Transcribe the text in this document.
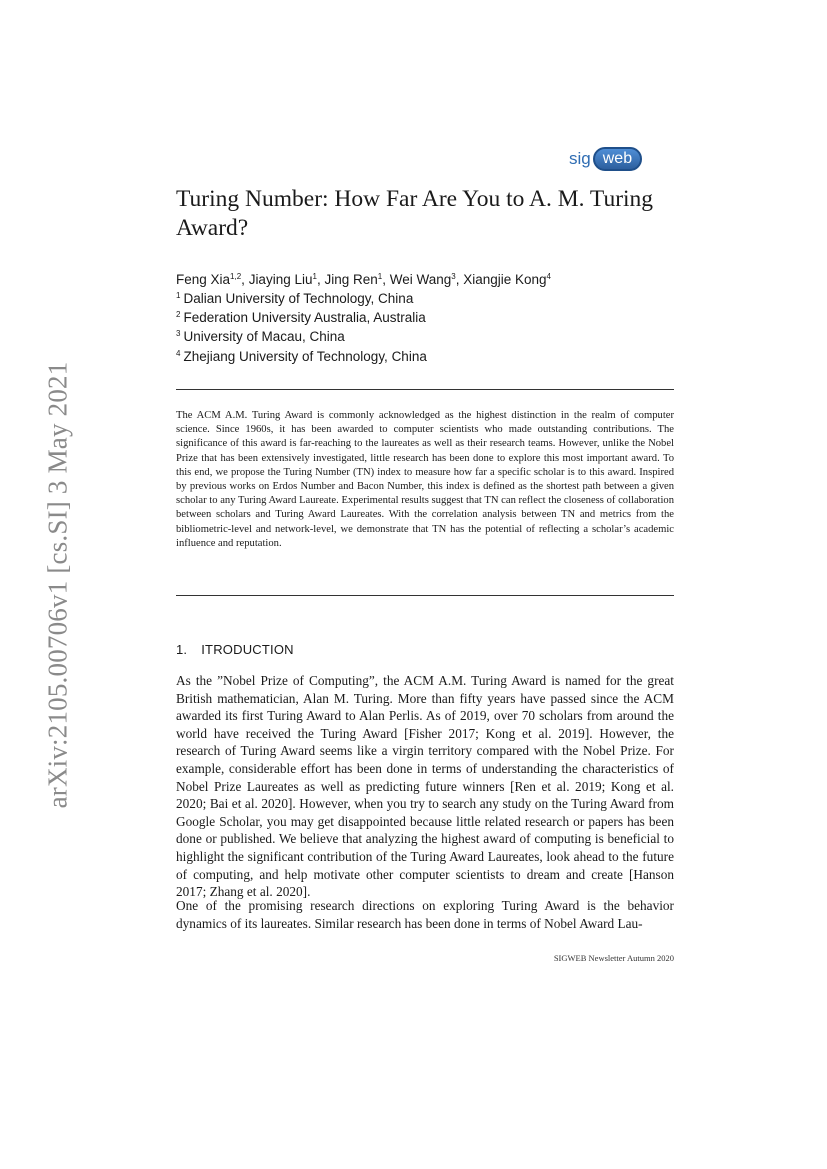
arXiv:2105.00706v1 [cs.SI] 3 May 2021
sig web
Turing Number: How Far Are You to A. M. Turing Award?
Feng Xia$^{1,2}$, Jiaying Liu$^1$, Jing Ren$^1$, Wei Wang$^3$, Xiangjie Kong$^4$
$^1$ Dalian University of Technology, China
$^2$ Federation University Australia, Australia
$^3$ University of Macau, China
$^4$ Zhejiang University of Technology, China
The ACM A.M. Turing Award is commonly acknowledged as the highest distinction in the realm of computer science. Since 1960s, it has been awarded to computer scientists who made outstanding contributions. The significance of this award is far-reaching to the laureates as well as their research teams. However, unlike the Nobel Prize that has been extensively investigated, little research has been done to explore this most important award. To this end, we propose the Turing Number (TN) index to measure how far a specific scholar is to this award. Inspired by previous works on Erdos Number and Bacon Number, this index is defined as the shortest path between a given scholar to any Turing Award Laureate. Experimental results suggest that TN can reflect the closeness of collaboration between scholars and Turing Award Laureates. With the correlation analysis between TN and metrics from the bibliometric-level and network-level, we demonstrate that TN has the potential of reflecting a scholar’s academic influence and reputation.
1. ITRODUCTION
As the ”Nobel Prize of Computing”, the ACM A.M. Turing Award is named for the great British mathematician, Alan M. Turing. More than fifty years have passed since the ACM awarded its first Turing Award to Alan Perlis. As of 2019, over 70 scholars from around the world have received the Turing Award [Fisher 2017; Kong et al. 2019]. However, the research of Turing Award seems like a virgin territory compared with the Nobel Prize. For example, considerable effort has been done in terms of understanding the characteristics of Nobel Prize Laureates as well as predicting future winners [Ren et al. 2019; Kong et al. 2020; Bai et al. 2020]. However, when you try to search any study on the Turing Award from Google Scholar, you may get disappointed because little related research or papers has been done or published. We believe that analyzing the highest award of computing is beneficial to highlight the significant contribution of the Turing Award Laureates, look ahead to the future of computing, and help motivate other computer scientists to dream and create [Hanson 2017; Zhang et al. 2020].
One of the promising research directions on exploring Turing Award is the behavior dynamics of its laureates. Similar research has been done in terms of Nobel Award Lau-
SIGWEB Newsletter Autumn 2020
